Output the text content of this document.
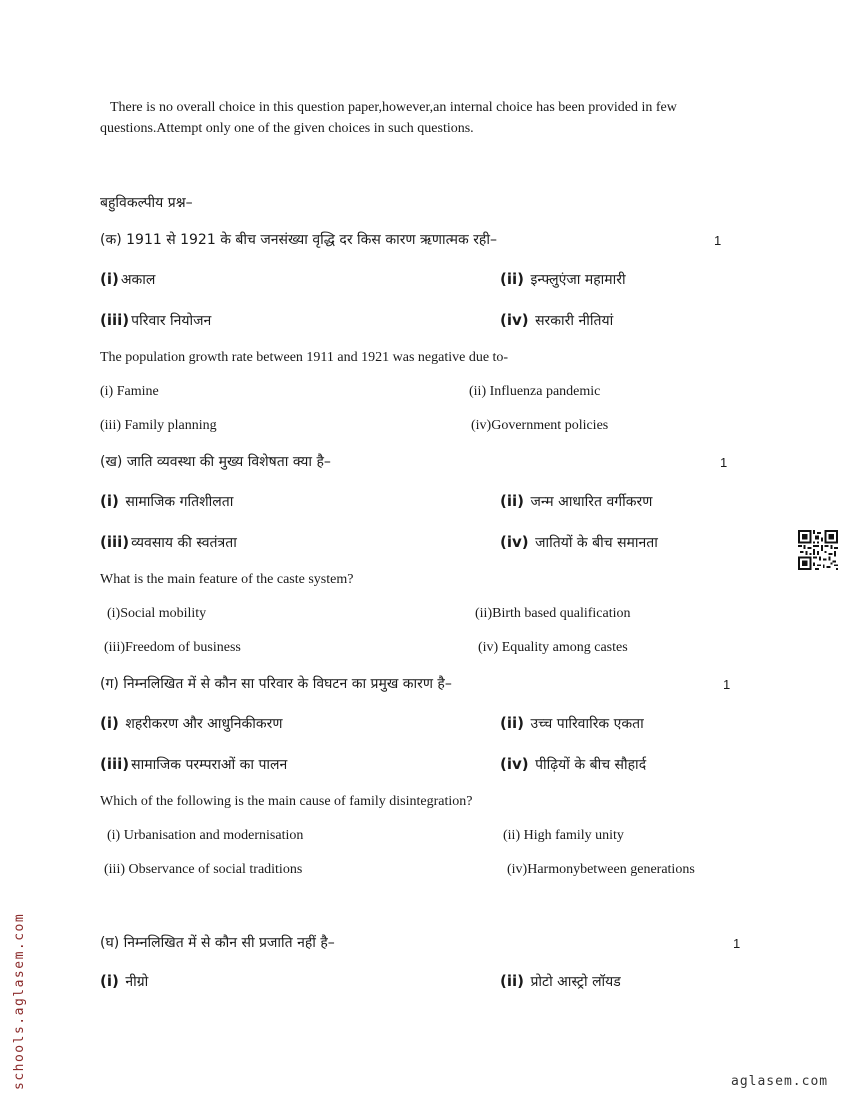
There is no overall choice in this question paper,however,an internal choice has been provided in few
questions.Attempt only one of the given choices in such questions.
बहुविकल्पीय प्रश्न–
(क) 1911 से 1921 के बीच जनसंख्या वृद्धि दर किस कारण ऋणात्मक रही–	1
(i) अकाल	(ii) इन्फ्लुएंजा महामारी
(iii) परिवार नियोजन	(iv) सरकारी नीतियां
The population growth rate between 1911 and 1921 was negative due to-
(i) Famine	(ii) Influenza pandemic
(iii) Family planning	(iv)Government policies
(ख) जाति व्यवस्था की मुख्य विशेषता क्या है–	1
(i) सामाजिक गतिशीलता	(ii) जन्म आधारित वर्गीकरण
(iii) व्यवसाय की स्वतंत्रता	(iv) जातियों के बीच समानता
What is the main feature of the caste system?
(i)Social mobility	(ii)Birth based qualification
(iii)Freedom of business	(iv) Equality among castes
(ग) निम्नलिखित में से कौन सा परिवार के विघटन का प्रमुख कारण है–	1
(i) शहरीकरण और आधुनिकीकरण	(ii) उच्च पारिवारिक एकता
(iii) सामाजिक परम्पराओं का पालन	(iv) पीढ़ियों के बीच सौहार्द
Which of the following is the main cause of family disintegration?
(i) Urbanisation and modernisation	(ii) High family unity
(iii) Observance of social traditions	(iv)Harmonybetween generations
(घ) निम्नलिखित में से कौन सी प्रजाति नहीं है–	1
(i) नीग्रो	(ii) प्रोटो आस्ट्रो लॉयड
schools.aglasem.com	aglasem.com
